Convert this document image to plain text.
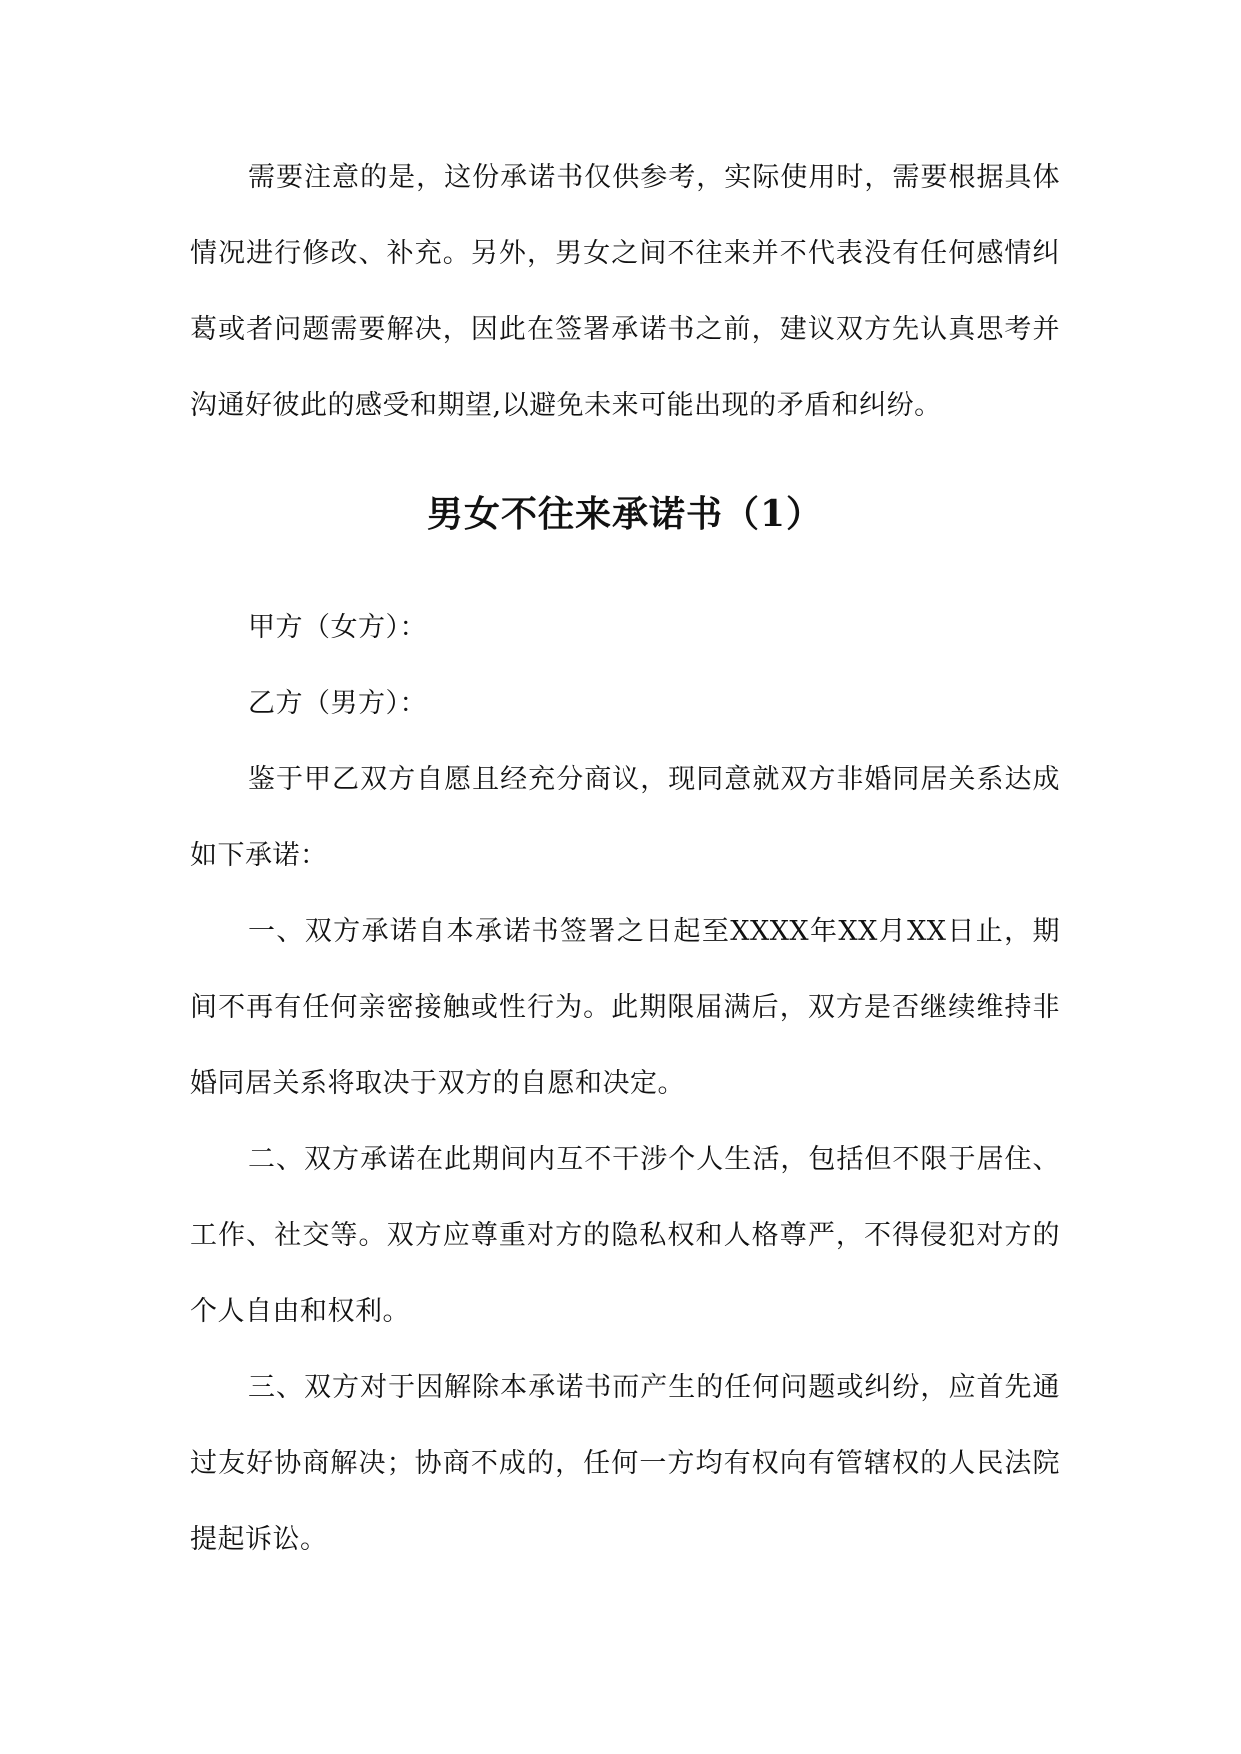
需要注意的是，这份承诺书仅供参考，实际使用时，需要根据具体情况进行修改、补充。另外，男女之间不往来并不代表没有任何感情纠葛或者问题需要解决，因此在签署承诺书之前，建议双方先认真思考并沟通好彼此的感受和期望,以避免未来可能出现的矛盾和纠纷。

男女不往来承诺书（1）

甲方（女方）：

乙方（男方）：

鉴于甲乙双方自愿且经充分商议，现同意就双方非婚同居关系达成如下承诺：

一、双方承诺自本承诺书签署之日起至XXXX年XX月XX日止，期间不再有任何亲密接触或性行为。此期限届满后，双方是否继续维持非婚同居关系将取决于双方的自愿和决定。

二、双方承诺在此期间内互不干涉个人生活，包括但不限于居住、工作、社交等。双方应尊重对方的隐私权和人格尊严，不得侵犯对方的个人自由和权利。

三、双方对于因解除本承诺书而产生的任何问题或纠纷，应首先通过友好协商解决；协商不成的，任何一方均有权向有管辖权的人民法院提起诉讼。
